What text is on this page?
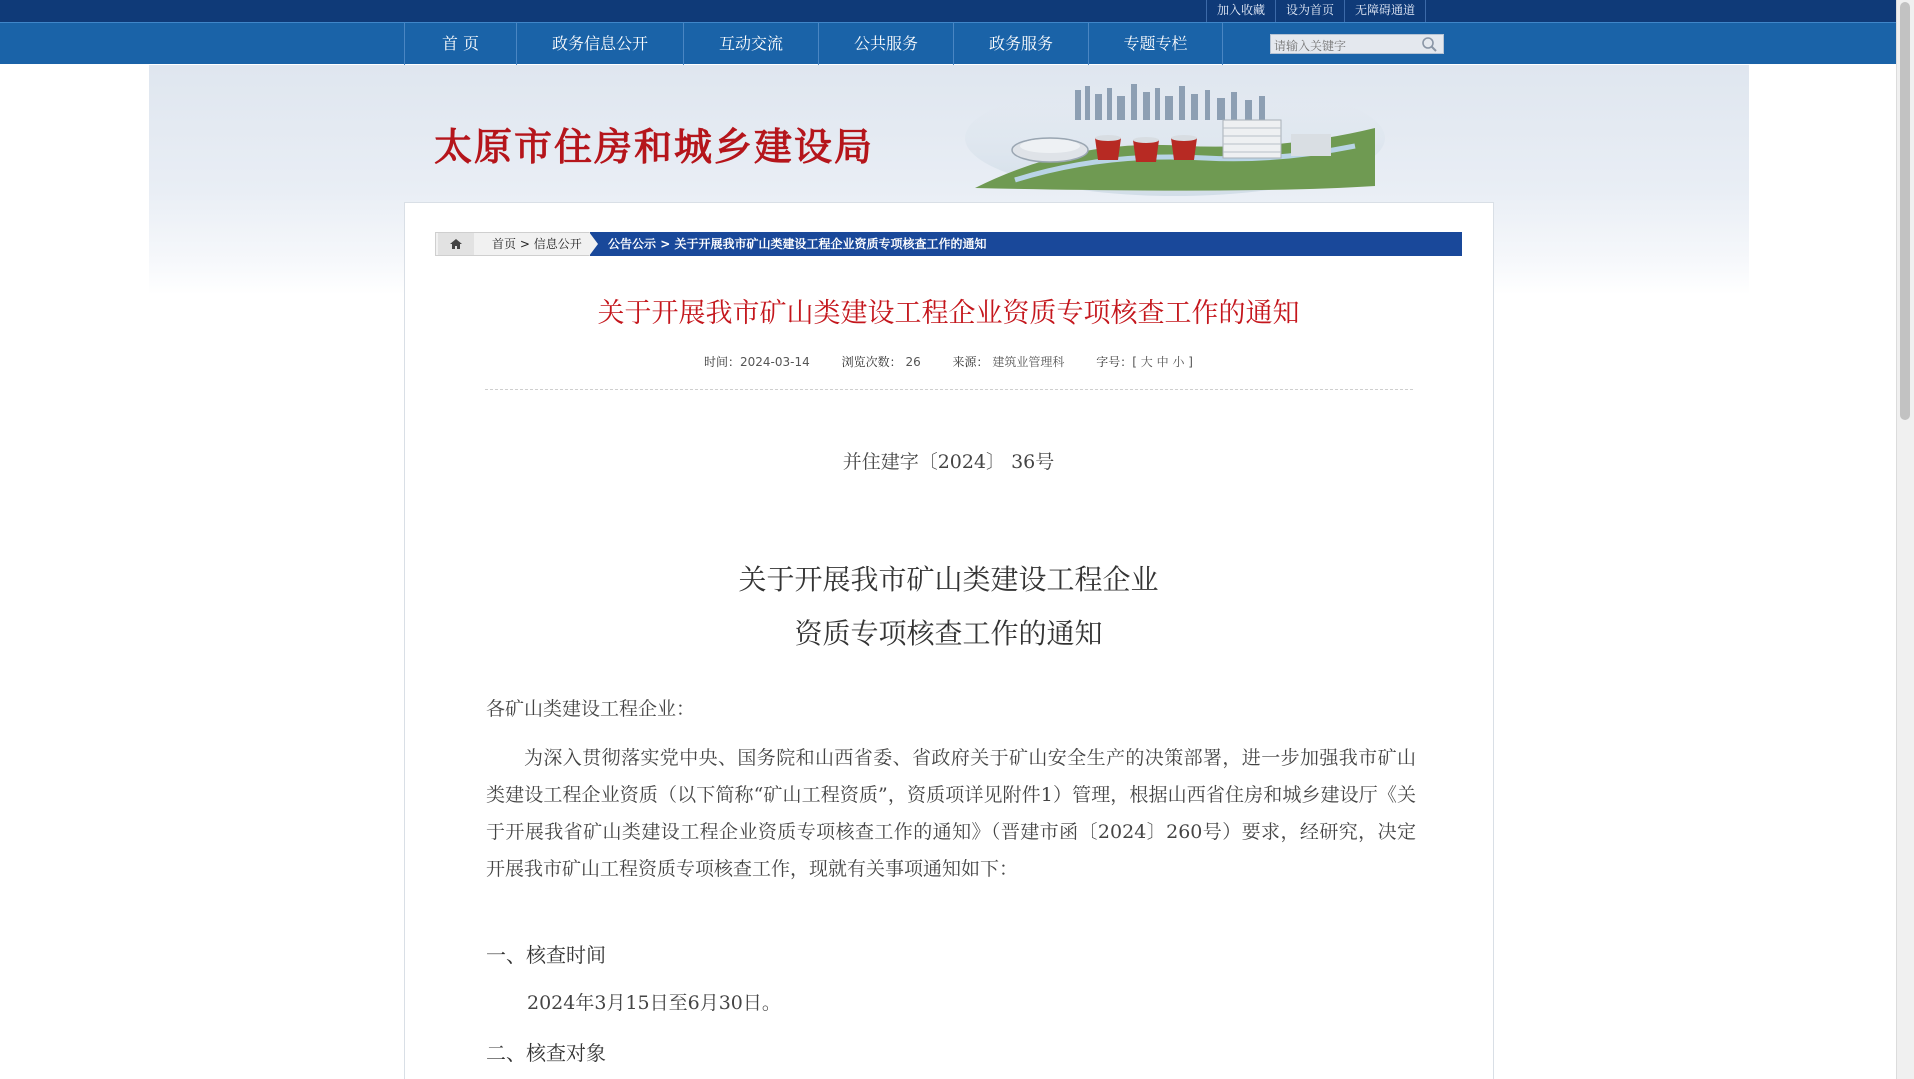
加入收藏	设为首页	无障碍通道
首 页	政务信息公开	互动交流	公共服务	政务服务	专题专栏
请输入关键字
太原市住房和城乡建设局
首页 > 信息公开 公告公示 > 关于开展我市矿山类建设工程企业资质专项核查工作的通知
关于开展我市矿山类建设工程企业资质专项核查工作的通知
时间：2024-03-14	浏览次数： 26	来源： 建筑业管理科	字号：[ 大 中 小 ]
并住建字〔2024〕 36号
关于开展我市矿山类建设工程企业
资质专项核查工作的通知
各矿山类建设工程企业：
为深入贯彻落实党中央、国务院和山西省委、省政府关于矿山安全生产的决策部署，进一步加强我市矿山类建设工程企业资质（以下简称“矿山工程资质”，资质项详见附件1）管理，根据山西省住房和城乡建设厅《关于开展我省矿山类建设工程企业资质专项核查工作的通知》（晋建市函〔2024〕260号）要求，经研究，决定开展我市矿山工程资质专项核查工作，现就有关事项通知如下：
一、核查时间
2024年3月15日至6月30日。
二、核查对象
